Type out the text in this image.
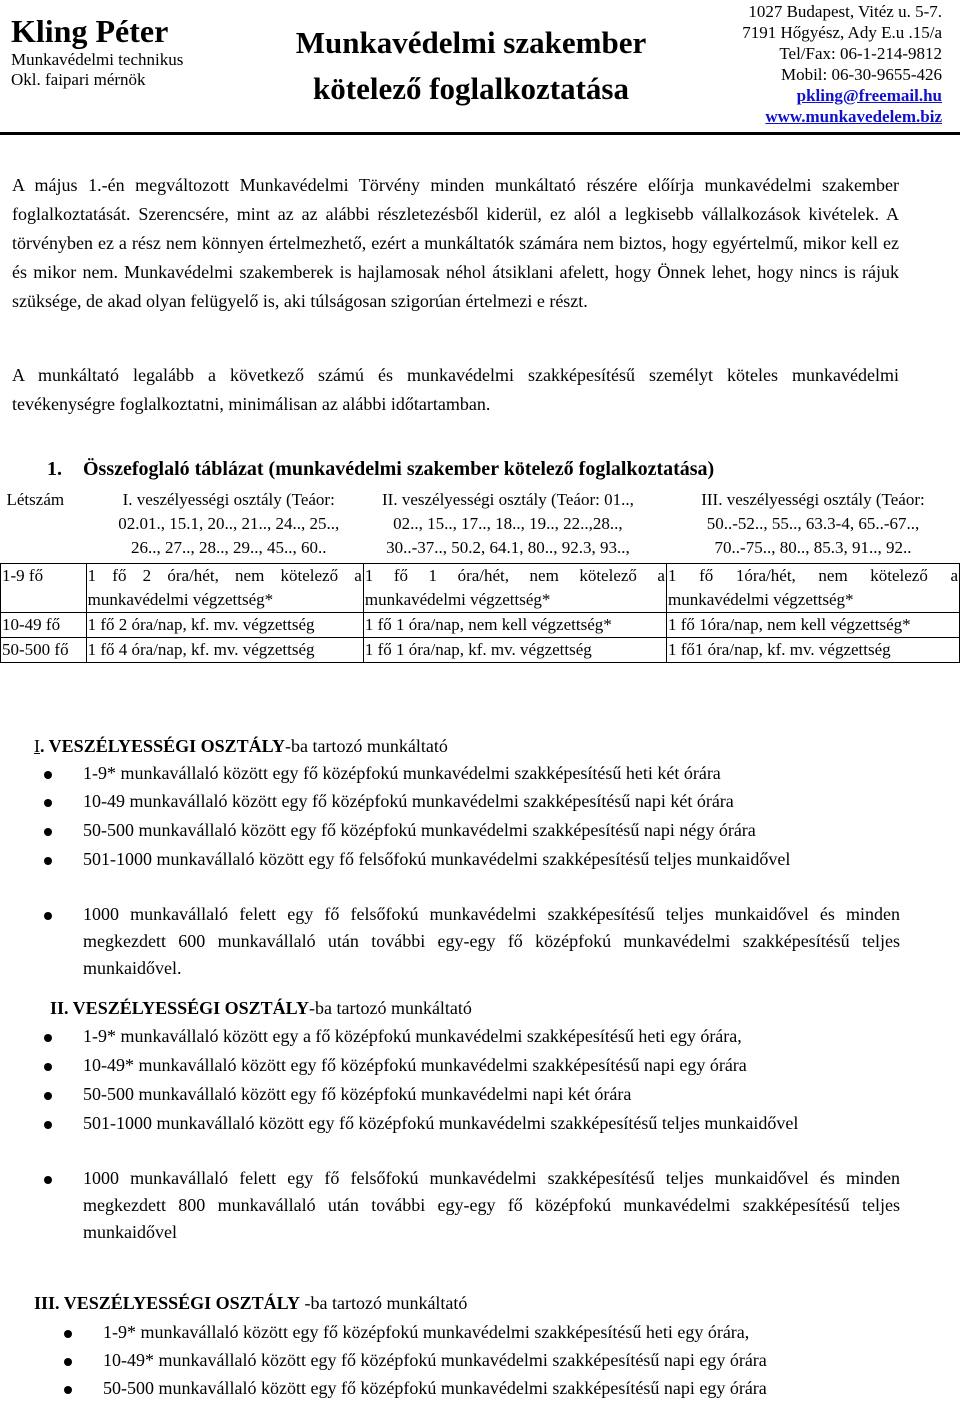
Kling Péter
Munkavédelmi technikus
Okl. faipari mérnök
Munkavédelmi szakember
kötelező foglalkoztatása
1027 Budapest, Vitéz u. 5-7.
7191 Hőgyész, Ady E.u .15/a
Tel/Fax: 06-1-214-9812
Mobil: 06-30-9655-426
pkling@freemail.hu
www.munkavedelem.biz
A május 1.-én megváltozott Munkavédelmi Törvény minden munkáltató részére előírja munkavédelmi szakember foglalkoztatását. Szerencsére, mint az az alábbi részletezésből kiderül, ez alól a legkisebb vállalkozások kivételek. A törvényben ez a rész nem könnyen értelmezhető, ezért a munkáltatók számára nem biztos, hogy egyértelmű, mikor kell ez és mikor nem. Munkavédelmi szakemberek is hajlamosak néhol átsiklani afelett, hogy Önnek lehet, hogy nincs is rájuk szüksége, de akad olyan felügyelő is, aki túlságosan szigorúan értelmezi e részt.
A munkáltató legalább a következő számú és munkavédelmi szakképesítésű személyt köteles munkavédelmi tevékenységre foglalkoztatni, minimálisan az alábbi időtartamban.
1. Összefoglaló táblázat (munkavédelmi szakember kötelező foglalkoztatása)
Létszám	I. veszélyességi osztály (Teáor: 02.01., 15.1, 20.., 21.., 24.., 25.., 26.., 27.., 28.., 29.., 45.., 60..	II. veszélyességi osztály (Teáor: 01.., 02.., 15.., 17.., 18.., 19.., 22..,28.., 30..-37.., 50.2, 64.1, 80.., 92.3, 93..,	III. veszélyességi osztály (Teáor: 50..-52.., 55.., 63.3-4, 65..-67.., 70..-75.., 80.., 85.3, 91.., 92..
1-9 fő	1 fő 2 óra/hét, nem kötelező a munkavédelmi végzettség*	1 fő 1 óra/hét, nem kötelező a munkavédelmi végzettség*	1 fő 1óra/hét, nem kötelező a munkavédelmi végzettség*
10-49 fő	1 fő 2 óra/nap, kf. mv. végzettség	1 fő 1 óra/nap, nem kell végzettség*	1 fő 1óra/nap, nem kell végzettség*
50-500 fő	1 fő 4 óra/nap, kf. mv. végzettség	1 fő 1 óra/nap, kf. mv. végzettség	1 fő1 óra/nap, kf. mv. végzettség
I. VESZÉLYESSÉGI OSZTÁLY-ba tartozó munkáltató
1-9* munkavállaló között egy fő középfokú munkavédelmi szakképesítésű heti két órára
10-49 munkavállaló között egy fő középfokú munkavédelmi szakképesítésű napi két órára
50-500 munkavállaló között egy fő középfokú munkavédelmi szakképesítésű napi négy órára
501-1000 munkavállaló között egy fő felsőfokú munkavédelmi szakképesítésű teljes munkaidővel
1000 munkavállaló felett egy fő felsőfokú munkavédelmi szakképesítésű teljes munkaidővel és minden megkezdett 600 munkavállaló után további egy-egy fő középfokú munkavédelmi szakképesítésű teljes munkaidővel.
II. VESZÉLYESSÉGI OSZTÁLY-ba tartozó munkáltató
1-9* munkavállaló között egy a fő középfokú munkavédelmi szakképesítésű heti egy órára,
10-49* munkavállaló között egy fő középfokú munkavédelmi szakképesítésű napi egy órára
50-500 munkavállaló között egy fő középfokú munkavédelmi napi két órára
501-1000 munkavállaló között egy fő középfokú munkavédelmi szakképesítésű teljes munkaidővel
1000 munkavállaló felett egy fő felsőfokú munkavédelmi szakképesítésű teljes munkaidővel és minden megkezdett 800 munkavállaló után további egy-egy fő középfokú munkavédelmi szakképesítésű teljes munkaidővel
III. VESZÉLYESSÉGI OSZTÁLY -ba tartozó munkáltató
1-9* munkavállaló között egy fő középfokú munkavédelmi szakképesítésű heti egy órára,
10-49* munkavállaló között egy fő középfokú munkavédelmi szakképesítésű napi egy órára
50-500 munkavállaló között egy fő középfokú munkavédelmi szakképesítésű napi egy órára
